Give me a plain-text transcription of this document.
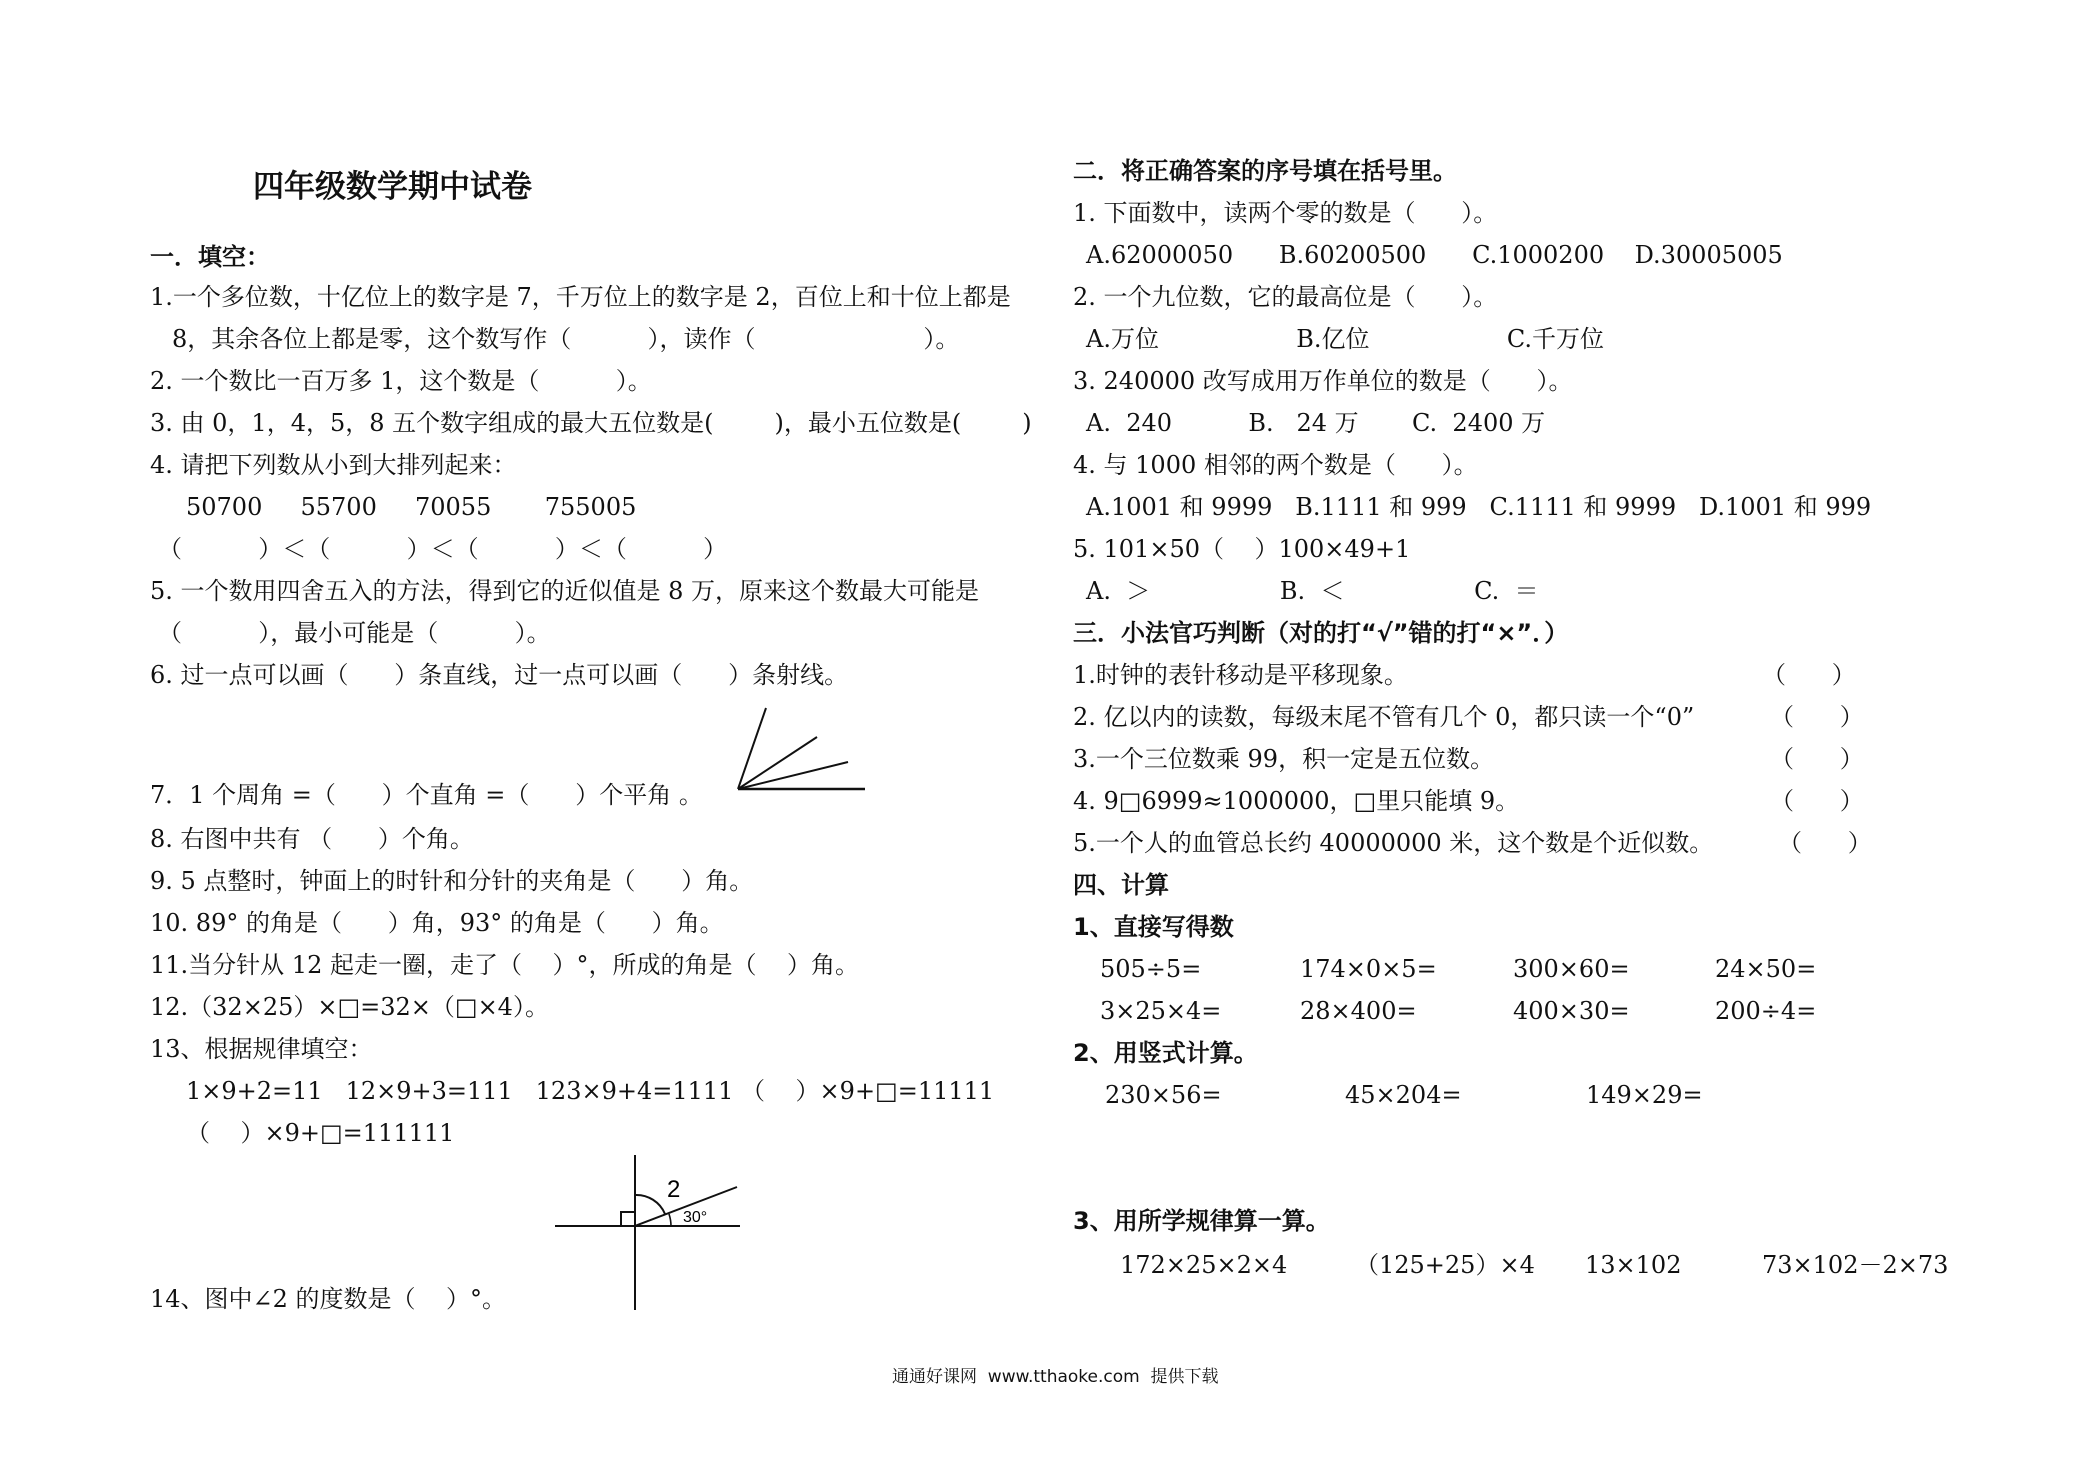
四年级数学期中试卷
一．填空：
1.一个多位数，十亿位上的数字是 7，千万位上的数字是 2，百位上和十位上都是
8，其余各位上都是零，这个数写作（          ），读作（                      ）。
2. 一个数比一百万多 1，这个数是（          ）。
3. 由 0，1，4，5，8 五个数字组成的最大五位数是(        )，最小五位数是(        )
4. 请把下列数从小到大排列起来：
50700     55700     70055       755005
（          ）＜（          ）＜（          ）＜（          ）
5. 一个数用四舍五入的方法，得到它的近似值是 8 万，原来这个数最大可能是
（          ），最小可能是（          ）。
6. 过一点可以画（      ）条直线，过一点可以画（      ）条射线。
7．1 个周角 =（      ）个直角 =（      ）个平角 。
8. 右图中共有 （      ）个角。
9. 5 点整时，钟面上的时针和分针的夹角是（      ）角。
10. 89° 的角是（      ）角，93° 的角是（      ）角。
11.当分针从 12 起走一圈，走了（    ）°，所成的角是（    ）角。
12.（32×25）×□=32×（□×4）。
13、根据规律填空：
1×9+2=11   12×9+3=111   123×9+4=1111 （    ）×9+□=11111
（    ）×9+□=111111
14、图中∠2 的度数是（    ）°。
2
30°
二．将正确答案的序号填在括号里。
1. 下面数中，读两个零的数是（      ）。
A.62000050      B.60200500      C.1000200    D.30005005
2. 一个九位数，它的最高位是（      ）。
A.万位                  B.亿位                  C.千万位
3. 240000 改写成用万作单位的数是（      ）。
A.  240          B.   24 万       C.  2400 万
4. 与 1000 相邻的两个数是（      ）。
A.1001 和 9999   B.1111 和 999   C.1111 和 9999   D.1001 和 999
5. 101×50（    ）100×49+1
A.  ＞                 B.  ＜                 C.  ＝
三．小法官巧判断（对的打“√”错的打“×”．）
1.时钟的表针移动是平移现象。	（      ）
2. 亿以内的读数，每级末尾不管有几个 0，都只读一个“0”	（      ）
3.一个三位数乘 99，积一定是五位数。	（      ）
4. 9□6999≈1000000，□里只能填 9。	（      ）
5.一个人的血管总长约 40000000 米，这个数是个近似数。	（      ）
四、计算
1、直接写得数
505÷5=	174×0×5=	300×60=	24×50=
3×25×4=	28×400=	400×30=	200÷4=
2、用竖式计算。
230×56=	45×204=	149×29=
3、用所学规律算一算。
172×25×2×4	（125+25）×4 13×102	73×102－2×73
通通好课网  www.tthaoke.com  提供下载
